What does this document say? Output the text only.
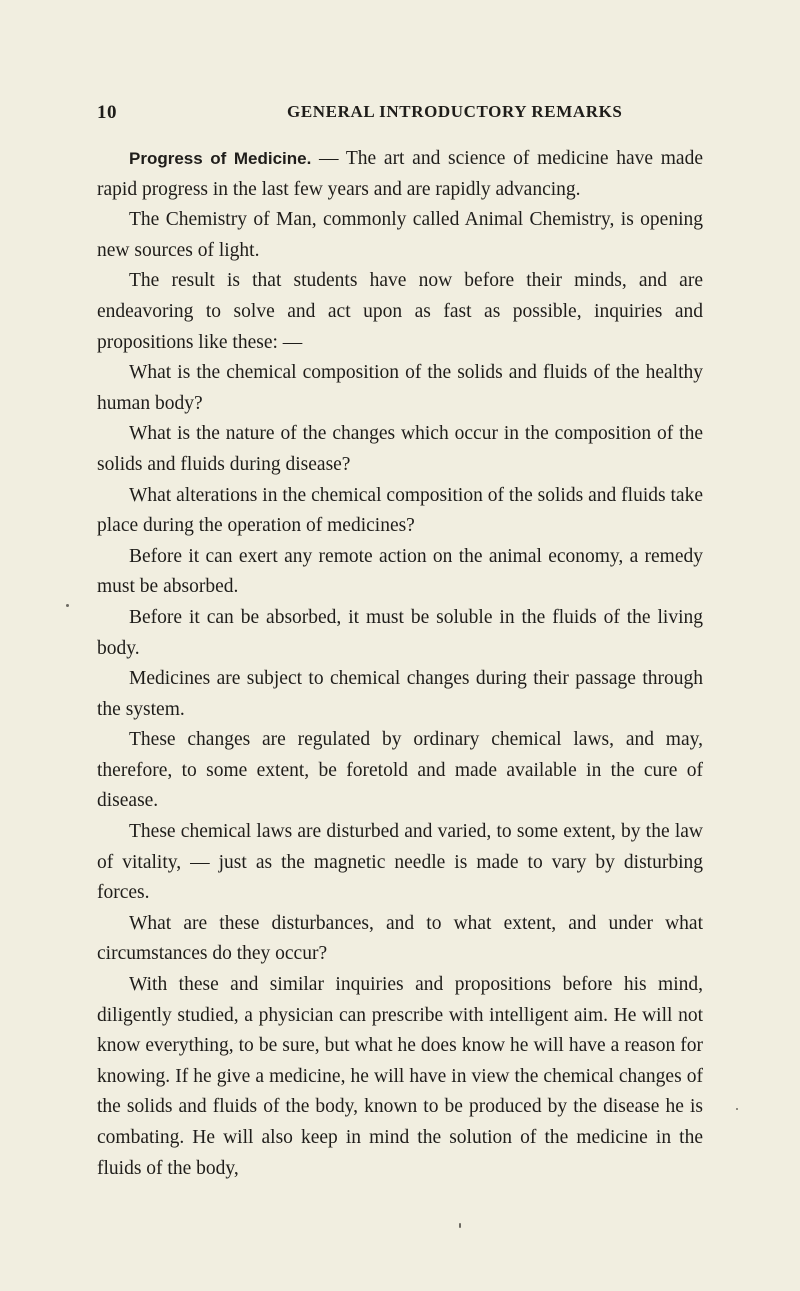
10	GENERAL INTRODUCTORY REMARKS

Progress of Medicine. — The art and science of medicine have made rapid progress in the last few years and are rapidly advancing.

The Chemistry of Man, commonly called Animal Chemistry, is opening new sources of light.

The result is that students have now before their minds, and are endeavoring to solve and act upon as fast as possible, inquiries and propositions like these: —

What is the chemical composition of the solids and fluids of the healthy human body?

What is the nature of the changes which occur in the composition of the solids and fluids during disease?

What alterations in the chemical composition of the solids and fluids take place during the operation of medicines?

Before it can exert any remote action on the animal economy, a remedy must be absorbed.

Before it can be absorbed, it must be soluble in the fluids of the living body.

Medicines are subject to chemical changes during their passage through the system.

These changes are regulated by ordinary chemical laws, and may, therefore, to some extent, be foretold and made available in the cure of disease.

These chemical laws are disturbed and varied, to some extent, by the law of vitality, — just as the magnetic needle is made to vary by disturbing forces.

What are these disturbances, and to what extent, and under what circumstances do they occur?

With these and similar inquiries and propositions before his mind, diligently studied, a physician can prescribe with intelligent aim. He will not know everything, to be sure, but what he does know he will have a reason for knowing. If he give a medicine, he will have in view the chemical changes of the solids and fluids of the body, known to be produced by the disease he is combating. He will also keep in mind the solution of the medicine in the fluids of the body,
